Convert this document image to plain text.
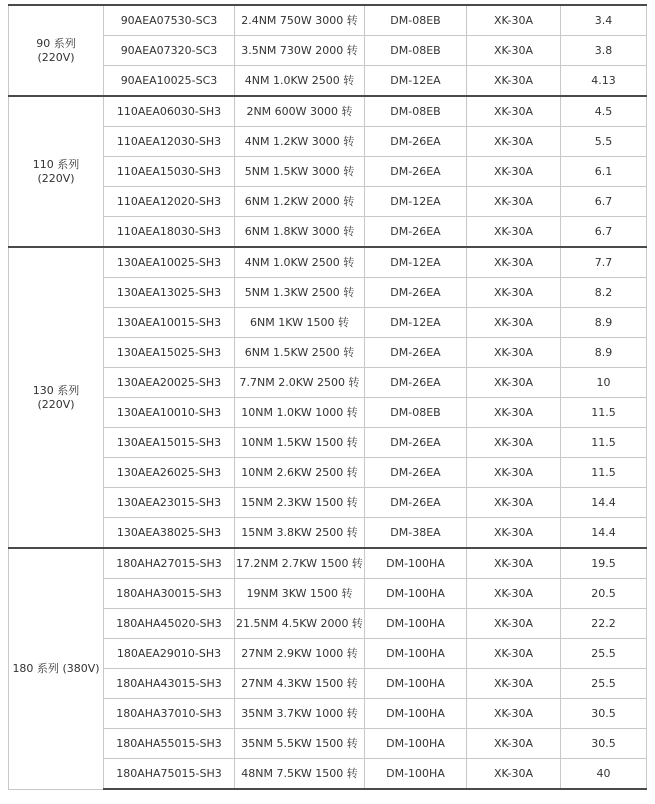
90 系列
(220V)	90AEA07530-SC3	2.4NM 750W 3000 转	DM-08EB	XK-30A	3.4
	90AEA07320-SC3	3.5NM 730W 2000 转	DM-08EB	XK-30A	3.8
	90AEA10025-SC3	4NM 1.0KW 2500 转	DM-12EA	XK-30A	4.13

110 系列
(220V)	110AEA06030-SH3	2NM 600W 3000 转	DM-08EB	XK-30A	4.5
	110AEA12030-SH3	4NM 1.2KW 3000 转	DM-26EA	XK-30A	5.5
	110AEA15030-SH3	5NM 1.5KW 3000 转	DM-26EA	XK-30A	6.1
	110AEA12020-SH3	6NM 1.2KW 2000 转	DM-12EA	XK-30A	6.7
	110AEA18030-SH3	6NM 1.8KW 3000 转	DM-26EA	XK-30A	6.7

130 系列
(220V)	130AEA10025-SH3	4NM 1.0KW 2500 转	DM-12EA	XK-30A	7.7
	130AEA13025-SH3	5NM 1.3KW 2500 转	DM-26EA	XK-30A	8.2
	130AEA10015-SH3	6NM 1KW 1500 转	DM-12EA	XK-30A	8.9
	130AEA15025-SH3	6NM 1.5KW 2500 转	DM-26EA	XK-30A	8.9
	130AEA20025-SH3	7.7NM 2.0KW 2500 转	DM-26EA	XK-30A	10
	130AEA10010-SH3	10NM 1.0KW 1000 转	DM-08EB	XK-30A	11.5
	130AEA15015-SH3	10NM 1.5KW 1500 转	DM-26EA	XK-30A	11.5
	130AEA26025-SH3	10NM 2.6KW 2500 转	DM-26EA	XK-30A	11.5
	130AEA23015-SH3	15NM 2.3KW 1500 转	DM-26EA	XK-30A	14.4
	130AEA38025-SH3	15NM 3.8KW 2500 转	DM-38EA	XK-30A	14.4
180 系列 (380V)	180AHA27015-SH3	17.2NM 2.7KW 1500 转	DM-100HA	XK-30A	19.5
	180AHA30015-SH3	19NM 3KW 1500 转	DM-100HA	XK-30A	20.5
	180AHA45020-SH3	21.5NM 4.5KW 2000 转	DM-100HA	XK-30A	22.2
	180AEA29010-SH3	27NM 2.9KW 1000 转	DM-100HA	XK-30A	25.5
	180AHA43015-SH3	27NM 4.3KW 1500 转	DM-100HA	XK-30A	25.5
	180AHA37010-SH3	35NM 3.7KW 1000 转	DM-100HA	XK-30A	30.5
	180AHA55015-SH3	35NM 5.5KW 1500 转	DM-100HA	XK-30A	30.5
	180AHA75015-SH3	48NM 7.5KW 1500 转	DM-100HA	XK-30A	40
